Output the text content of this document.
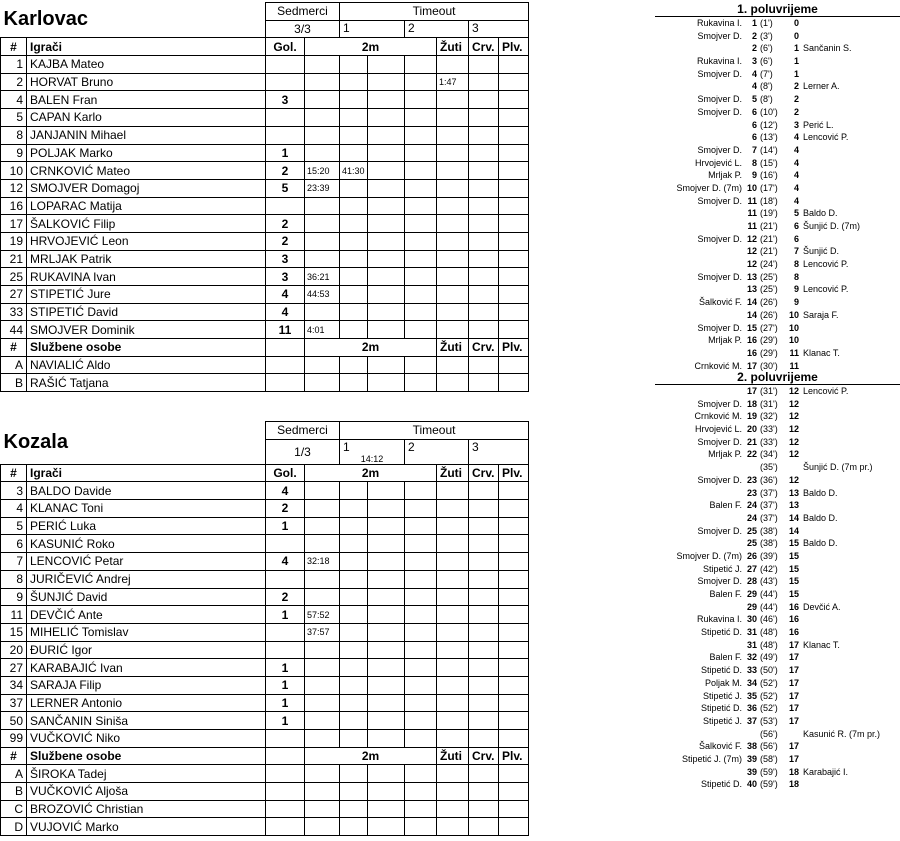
Karlovac		Sedmerci		Timeout					
		3/3		1		2		3	

#	Igrači	Gol.	2m				Žuti	Crv.	Plv.
1	KAJBA Mateo								
2	HORVAT Bruno						1:47		
4	BALEN Fran	3							
5	CAPAN Karlo								
8	JANJANIN Mihael								
9	POLJAK Marko	1							
10	CRNKOVIĆ Mateo	2	15:20	41:30					
12	SMOJVER Domagoj	5	23:39						
16	LOPARAC Matija								
17	ŠALKOVIĆ Filip	2							
19	HRVOJEVIĆ Leon	2							
21	MRLJAK Patrik	3							
25	RUKAVINA Ivan	3	36:21						
27	STIPETIĆ Jure	4	44:53						
33	STIPETIĆ David	4							
44	SMOJVER Dominik	11	4:01						
#	Službene osobe		2m				Žuti	Crv.	Plv.
A	NAVIALIĆ Aldo								
B	RAŠIĆ Tatjana								
Kozala		Sedmerci		Timeout					
		1/3		1
14:12		2		3	

#	Igrači	Gol.	2m				Žuti	Crv.	Plv.
3	BALDO Davide	4							
4	KLANAC Toni	2							
5	PERIĆ Luka	1							
6	KASUNIĆ Roko								
7	LENCOVIĆ Petar	4	32:18						
8	JURIČEVIĆ Andrej								
9	ŠUNJIĆ David	2							
11	DEVČIĆ Ante	1	57:52						
15	MIHELIĆ Tomislav		37:57						
20	ĐURIĆ Igor								
27	KARABAJIĆ Ivan	1							
34	SARAJA Filip	1							
37	LERNER Antonio	1							
50	SANČANIN Siniša	1							
99	VUČKOVIĆ Niko								
#	Službene osobe		2m				Žuti	Crv.	Plv.
A	ŠIROKA Tadej								
B	VUČKOVIĆ Aljoša								
C	BROZOVIĆ Christian								
D	VUJOVIĆ Marko								
1. poluvrijeme
Rukavina I.	1 (1')	0
Smojver D.	2 (3')	0
2 (6')	1 Sančanin S.
Rukavina I.	3 (6')	1
Smojver D.	4 (7')	1
4 (8')	2 Lerner A.
Smojver D.	5 (8')	2
Smojver D.	6 (10')	2
6 (12')	3 Perić L.
6 (13')	4 Lencović P.
Smojver D.	7 (14')	4
Hrvojević L.	8 (15')	4
Mrljak P.	9 (16')	4
Smojver D. (7m) 10 (17')	4
Smojver D. 11 (18')	4
11 (19')	5 Baldo D.
11 (21')	6 Šunjić D. (7m)
Smojver D. 12 (21')	6
12 (21')	7 Šunjić D.
12 (24')	8 Lencović P.
Smojver D. 13 (25')	8
13 (25')	9 Lencović P.
Šalković F. 14 (26')	9
14 (26') 10 Saraja F.
Smojver D. 15 (27') 10
Mrljak P. 16 (29') 10
16 (29') 11 Klanac T.
Crnković M. 17 (30') 11
2. poluvrijeme
17 (31') 12 Lencović P.
Smojver D. 18 (31') 12
Crnković M. 19 (32') 12
Hrvojević L. 20 (33') 12
Smojver D. 21 (33') 12
Mrljak P. 22 (34') 12
(35')	Šunjić D. (7m pr.)
Smojver D. 23 (36') 12
23 (37') 13 Baldo D.
Balen F. 24 (37') 13
24 (37') 14 Baldo D.
Smojver D. 25 (38') 14
25 (38') 15 Baldo D.
Smojver D. (7m) 26 (39') 15
Stipetić J. 27 (42') 15
Smojver D. 28 (43') 15
Balen F. 29 (44') 15
29 (44') 16 Devčić A.
Rukavina I. 30 (46') 16
Stipetić D. 31 (48') 16
31 (48') 17 Klanac T.
Balen F. 32 (49') 17
Stipetić D. 33 (50') 17
Poljak M. 34 (52') 17
Stipetić J. 35 (52') 17
Stipetić D. 36 (52') 17
Stipetić J. 37 (53') 17
(56')	Kasunić R. (7m pr.)
Šalković F. 38 (56') 17
Stipetić J. (7m) 39 (58') 17
39 (59') 18 Karabajić I.
Stipetić D. 40 (59') 18
